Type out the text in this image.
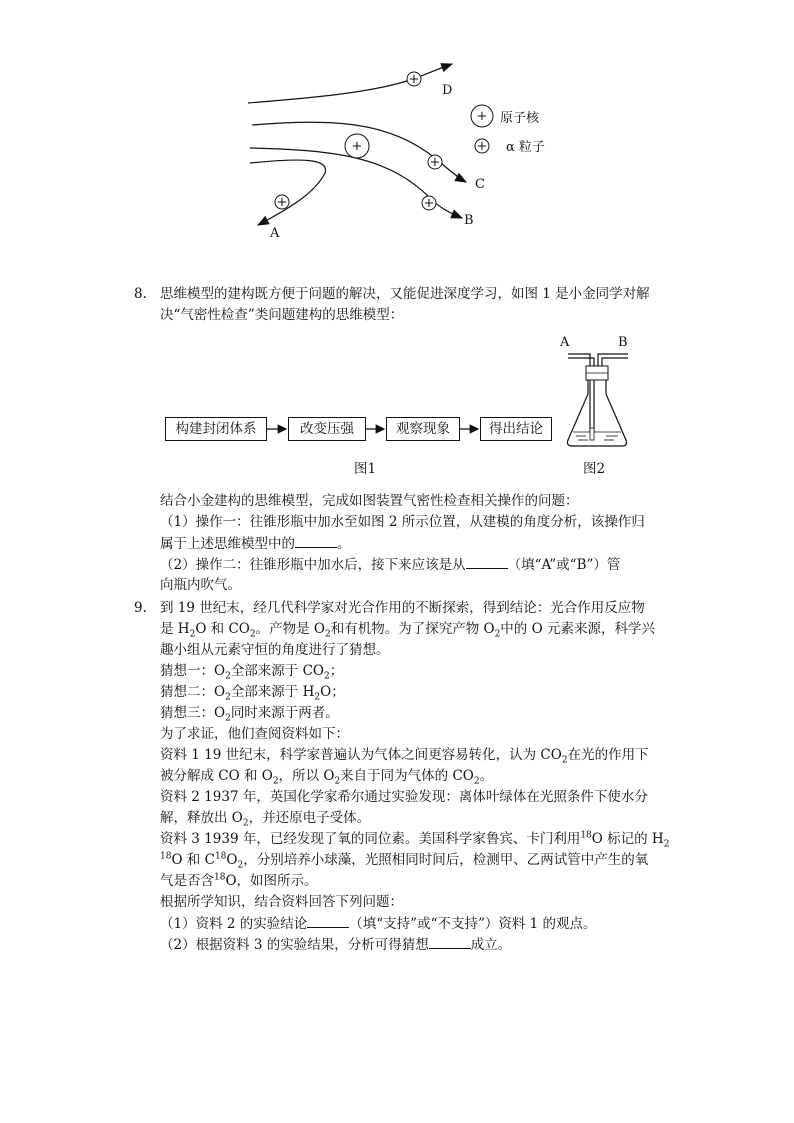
+
+
+
+
+
D
C
B
A
+ 原子核
+ α 粒子
8. 思维模型的建构既方便于问题的解决，又能促进深度学习，如图 1 是小金同学对解
决“气密性检查”类问题建构的思维模型：
构建封闭体系	改变压强	观察现象	得出结论
图1
A	B
图2
结合小金建构的思维模型，完成如图装置气密性检查相关操作的问题：
（1）操作一：往锥形瓶中加水至如图 2 所示位置，从建模的角度分析，该操作归
属于上述思维模型中的	。
（2）操作二：往锥形瓶中加水后，接下来应该是从	（填“A”或“B”）管
向瓶内吹气。
9. 到 19 世纪末，经几代科学家对光合作用的不断探索，得到结论：光合作用反应物
是 $H_2O$ 和 $CO_2$。产物是 $O_2$和有机物。为了探究产物 $O_2$中的 O 元素来源，科学兴
趣小组从元素守恒的角度进行了猜想。
猜想一：$O_2$全部来源于 $CO_2$；
猜想二：$O_2$全部来源于 $H_2O$；
猜想三：$O_2$同时来源于两者。
为了求证，他们查阅资料如下：
资料 1 19 世纪末，科学家普遍认为气体之间更容易转化，认为 $CO_2$在光的作用下
被分解成 CO 和 $O_2$，所以 $O_2$来自于同为气体的 $CO_2$。
资料 2 1937 年，英国化学家希尔通过实验发现：离体叶绿体在光照条件下使水分
解，释放出 $O_2$，并还原电子受体。
资料 3 1939 年，已经发现了氧的同位素。美国科学家鲁宾、卡门利用$^{18}$O 标记的 $H_2$
$^{18}$O 和 $C^{18}O_2$，分别培养小球藻，光照相同时间后，检测甲、乙两试管中产生的氧
气是否含$^{18}$O，如图所示。
根据所学知识，结合资料回答下列问题：
（1）资料 2 的实验结论	（填“支持”或“不支持”）资料 1 的观点。
（2）根据资料 3 的实验结果，分析可得猜想	成立。
